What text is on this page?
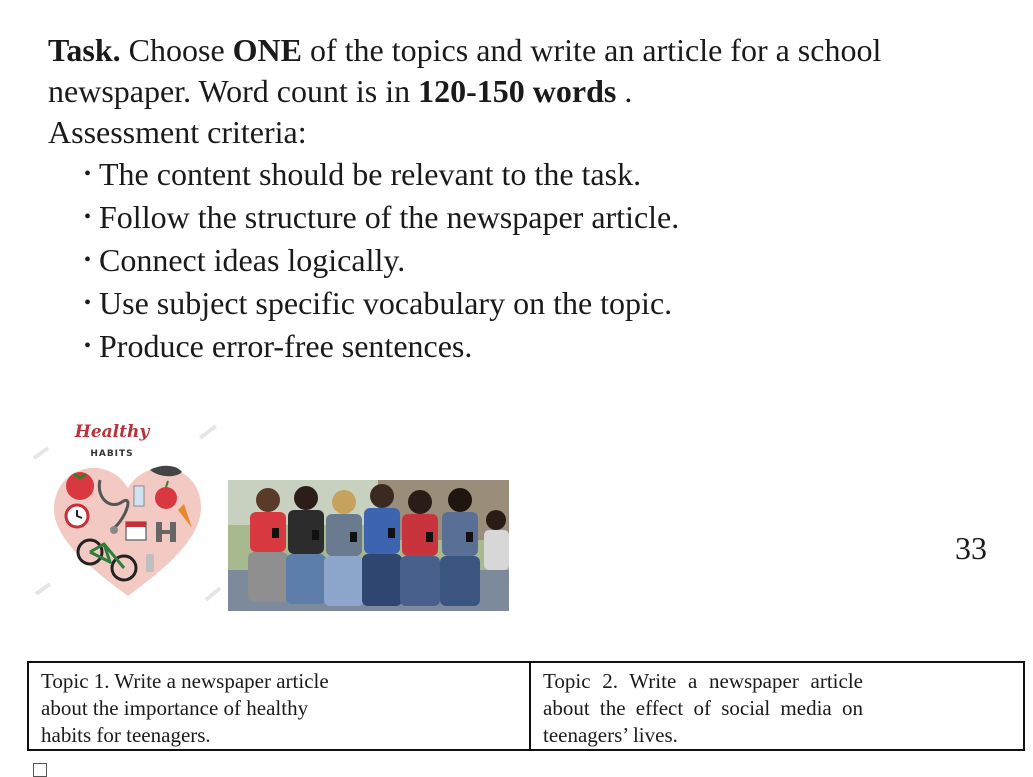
Task. Choose ONE of the topics and write an article for a school newspaper. Word count is in 120-150 words .

Assessment criteria:

• The content should be relevant to the task.
• Follow the structure of the newspaper article.
• Connect ideas logically.
• Use subject specific vocabulary on the topic.
• Produce error-free sentences.
Healthy
HABITS
33
Topic 1. Write a newspaper article about the importance of healthy habits for teenagers.

Topic 2. Write a newspaper article about the effect of social media on teenagers’ lives.
